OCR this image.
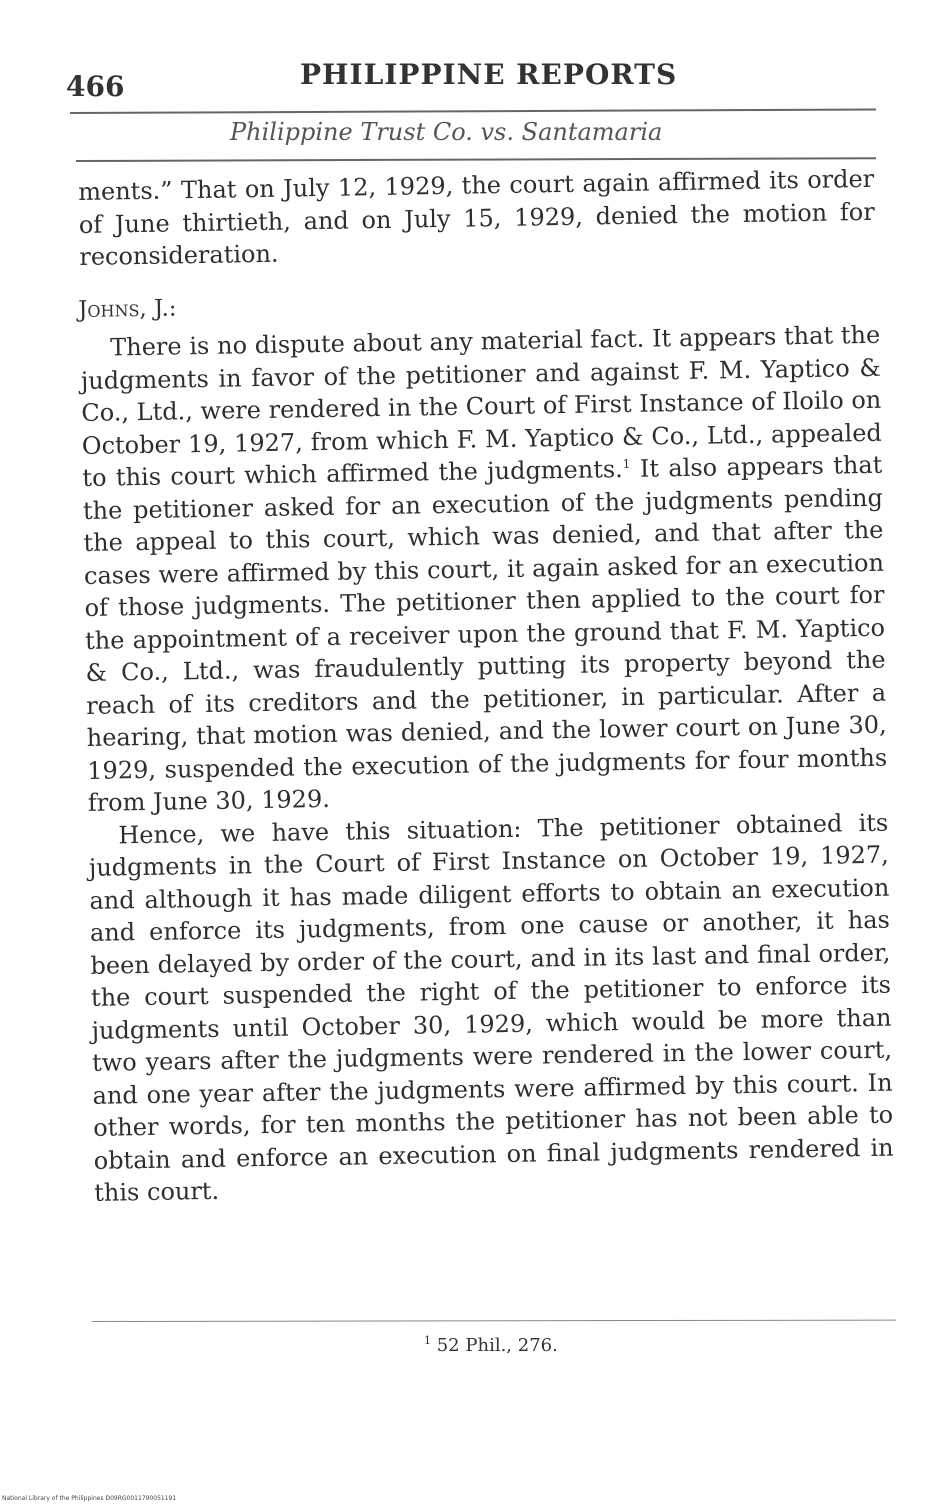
466	PHILIPPINE REPORTS
Philippine Trust Co. vs. Santamaria

ments.” That on July 12, 1929, the court again affirmed its order of June thirtieth, and on July 15, 1929, denied the motion for reconsideration.

Johns, J.:

There is no dispute about any material fact. It appears that the judgments in favor of the petitioner and against F. M. Yaptico & Co., Ltd., were rendered in the Court of First Instance of Iloilo on October 19, 1927, from which F. M. Yaptico & Co., Ltd., appealed to this court which affirmed the judgments.$^1$ It also appears that the petitioner asked for an execution of the judgments pending the appeal to this court, which was denied, and that after the cases were affirmed by this court, it again asked for an execution of those judgments. The petitioner then applied to the court for the appointment of a receiver upon the ground that F. M. Yaptico & Co., Ltd., was fraudulently putting its property beyond the reach of its creditors and the petitioner, in particular. After a hearing, that motion was denied, and the lower court on June 30, 1929, suspended the execution of the judgments for four months from June 30, 1929.

Hence, we have this situation: The petitioner obtained its judgments in the Court of First Instance on October 19, 1927, and although it has made diligent efforts to obtain an execution and enforce its judgments, from one cause or another, it has been delayed by order of the court, and in its last and final order, the court suspended the right of the petitioner to enforce its judgments until October 30, 1929, which would be more than two years after the judgments were rendered in the lower court, and one year after the judgments were affirmed by this court. In other words, for ten months the petitioner has not been able to obtain and enforce an execution on final judgments rendered in this court.

$^1$ 52 Phil., 276.
National Library of the Philippines D09RG0011790051191
